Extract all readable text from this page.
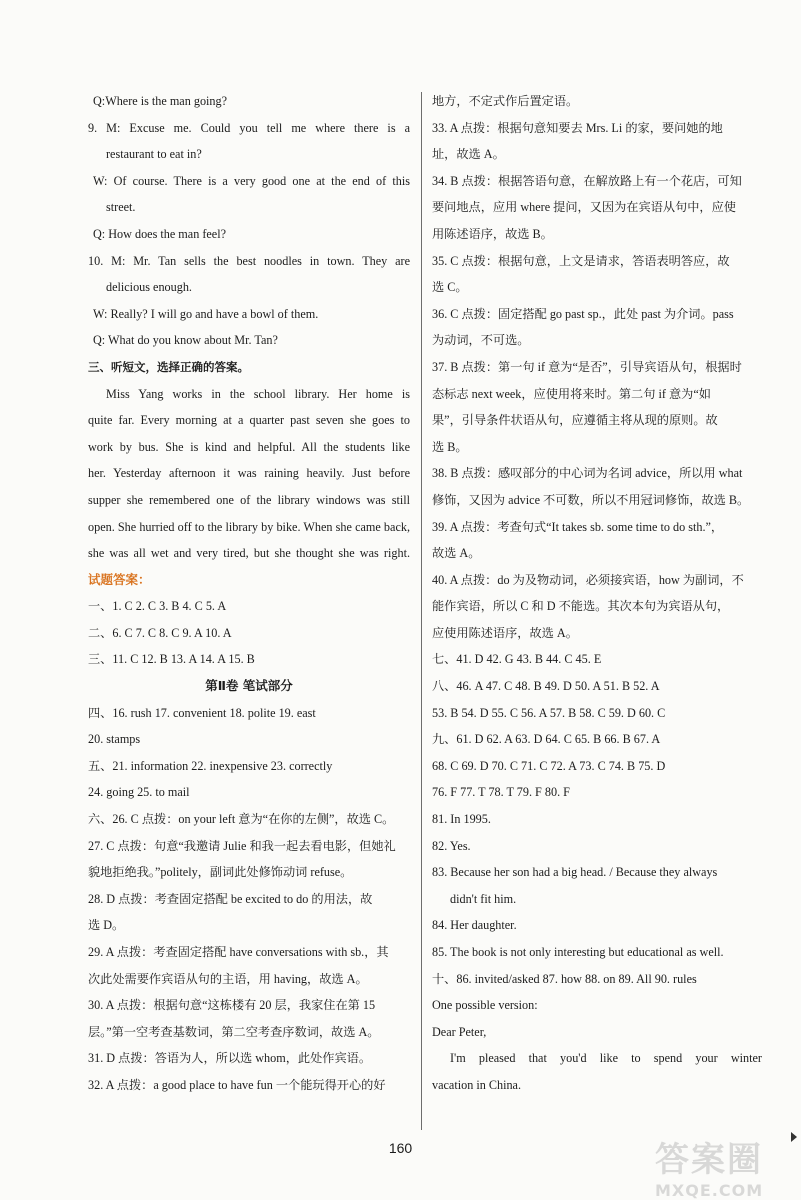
Q:Where is the man going?
9. M: Excuse me. Could you tell me where there is a
restaurant to eat in?
W: Of course. There is a very good one at the end of this
street.
Q: How does the man feel?
10. M: Mr. Tan sells the best noodles in town. They are
delicious enough.
W: Really? I will go and have a bowl of them.
Q: What do you know about Mr. Tan?
三、听短文，选择正确的答案。
Miss Yang works in the school library. Her home is
quite far. Every morning at a quarter past seven she goes to
work by bus. She is kind and helpful. All the students like
her. Yesterday afternoon it was raining heavily. Just before
supper she remembered one of the library windows was still
open. She hurried off to the library by bike. When she came back,
she was all wet and very tired, but she thought she was right.
试题答案：
一、1. C 2. C 3. B 4. C 5. A
二、6. C 7. C 8. C 9. A 10. A
三、11. C 12. B 13. A 14. A 15. B
第Ⅱ卷 笔试部分
四、16. rush 17. convenient 18. polite 19. east
20. stamps
五、21. information 22. inexpensive 23. correctly
24. going 25. to mail
六、26. C 点拨：on your left 意为“在你的左侧”，故选 C。
27. C 点拨：句意“我邀请 Julie 和我一起去看电影，但她礼
貌地拒绝我。”politely，副词此处修饰动词 refuse。
28. D 点拨：考查固定搭配 be excited to do 的用法，故
选 D。
29. A 点拨：考查固定搭配 have conversations with sb.，其
次此处需要作宾语从句的主语，用 having，故选 A。
30. A 点拨：根据句意“这栋楼有 20 层，我家住在第 15
层。”第一空考查基数词，第二空考查序数词，故选 A。
31. D 点拨：答语为人，所以选 whom，此处作宾语。
32. A 点拨：a good place to have fun 一个能玩得开心的好
地方，不定式作后置定语。
33. A 点拨：根据句意知要去 Mrs. Li 的家，要问她的地
址，故选 A。
34. B 点拨：根据答语句意，在解放路上有一个花店，可知
要问地点，应用 where 提问，又因为在宾语从句中，应使
用陈述语序，故选 B。
35. C 点拨：根据句意，上文是请求，答语表明答应，故
选 C。
36. C 点拨：固定搭配 go past sp.，此处 past 为介词。pass
为动词，不可选。
37. B 点拨：第一句 if 意为“是否”，引导宾语从句，根据时
态标志 next week，应使用将来时。第二句 if 意为“如
果”，引导条件状语从句，应遵循主将从现的原则。故
选 B。
38. B 点拨：感叹部分的中心词为名词 advice，所以用 what
修饰，又因为 advice 不可数，所以不用冠词修饰，故选 B。
39. A 点拨：考查句式“It takes sb. some time to do sth.”，
故选 A。
40. A 点拨：do 为及物动词，必须接宾语，how 为副词，不
能作宾语，所以 C 和 D 不能选。其次本句为宾语从句，
应使用陈述语序，故选 A。
七、41. D 42. G 43. B 44. C 45. E
八、46. A 47. C 48. B 49. D 50. A 51. B 52. A
53. B 54. D 55. C 56. A 57. B 58. C 59. D 60. C
九、61. D 62. A 63. D 64. C 65. B 66. B 67. A
68. C 69. D 70. C 71. C 72. A 73. C 74. B 75. D
76. F 77. T 78. T 79. F 80. F
81. In 1995.
82. Yes.
83. Because her son had a big head. / Because they always
didn't fit him.
84. Her daughter.
85. The book is not only interesting but educational as well.
十、86. invited/asked 87. how 88. on 89. All 90. rules
One possible version:
Dear Peter,
I'm pleased that you'd like to spend your winter
vacation in China.
160	答案圈
MXQE.COM
